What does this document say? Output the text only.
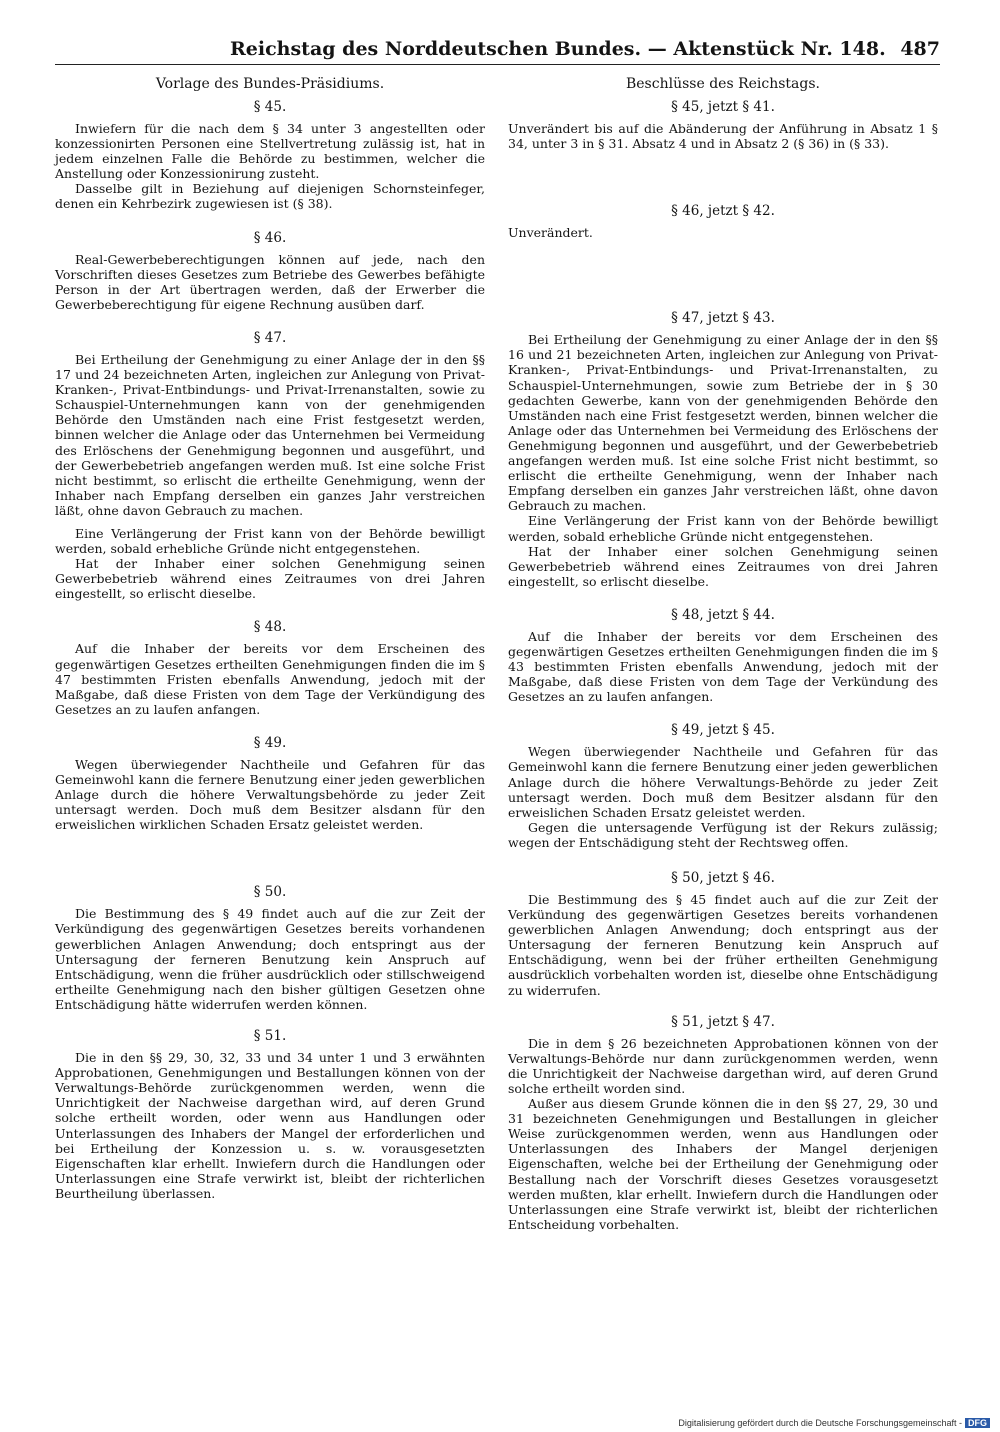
Reichstag des Norddeutschen Bundes. — Aktenstück Nr. 148. 487
Vorlage des Bundes-Präsidiums.
§ 45.

Inwiefern für die nach dem § 34 unter 3 angestellten oder konzessionirten Personen eine Stellvertretung zulässig ist, hat in jedem einzelnen Falle die Behörde zu bestimmen, welcher die Anstellung oder Konzessionirung zusteht.

Dasselbe gilt in Beziehung auf diejenigen Schornsteinfeger, denen ein Kehrbezirk zugewiesen ist (§ 38).

§ 46.

Real-Gewerbeberechtigungen können auf jede, nach den Vorschriften dieses Gesetzes zum Betriebe des Gewerbes befähigte Person in der Art übertragen werden, daß der Erwerber die Gewerbeberechtigung für eigene Rechnung ausüben darf.

§ 47.

Bei Ertheilung der Genehmigung zu einer Anlage der in den §§ 17 und 24 bezeichneten Arten, ingleichen zur Anlegung von Privat-Kranken-, Privat-Entbindungs- und Privat-Irrenanstalten, sowie zu Schauspiel-Unternehmungen kann von der genehmigenden Behörde den Umständen nach eine Frist festgesetzt werden, binnen welcher die Anlage oder das Unternehmen bei Vermeidung des Erlöschens der Genehmigung begonnen und ausgeführt, und der Gewerbebetrieb angefangen werden muß. Ist eine solche Frist nicht bestimmt, so erlischt die ertheilte Genehmigung, wenn der Inhaber nach Empfang derselben ein ganzes Jahr verstreichen läßt, ohne davon Gebrauch zu machen.

Eine Verlängerung der Frist kann von der Behörde bewilligt werden, sobald erhebliche Gründe nicht entgegenstehen.

Hat der Inhaber einer solchen Genehmigung seinen Gewerbebetrieb während eines Zeitraumes von drei Jahren eingestellt, so erlischt dieselbe.

§ 48.

Auf die Inhaber der bereits vor dem Erscheinen des gegenwärtigen Gesetzes ertheilten Genehmigungen finden die im § 47 bestimmten Fristen ebenfalls Anwendung, jedoch mit der Maßgabe, daß diese Fristen von dem Tage der Verkündigung des Gesetzes an zu laufen anfangen.

§ 49.

Wegen überwiegender Nachtheile und Gefahren für das Gemeinwohl kann die fernere Benutzung einer jeden gewerblichen Anlage durch die höhere Verwaltungsbehörde zu jeder Zeit untersagt werden. Doch muß dem Besitzer alsdann für den erweislichen wirklichen Schaden Ersatz geleistet werden.

§ 50.

Die Bestimmung des § 49 findet auch auf die zur Zeit der Verkündigung des gegenwärtigen Gesetzes bereits vorhandenen gewerblichen Anlagen Anwendung; doch entspringt aus der Untersagung der ferneren Benutzung kein Anspruch auf Entschädigung, wenn die früher ausdrücklich oder stillschweigend ertheilte Genehmigung nach den bisher gültigen Gesetzen ohne Entschädigung hätte widerrufen werden können.

§ 51.

Die in den §§ 29, 30, 32, 33 und 34 unter 1 und 3 erwähnten Approbationen, Genehmigungen und Bestallungen können von der Verwaltungs-Behörde zurückgenommen werden, wenn die Unrichtigkeit der Nachweise dargethan wird, auf deren Grund solche ertheilt worden, oder wenn aus Handlungen oder Unterlassungen des Inhabers der Mangel der erforderlichen und bei Ertheilung der Konzession u. s. w. vorausgesetzten Eigenschaften klar erhellt. Inwiefern durch die Handlungen oder Unterlassungen eine Strafe verwirkt ist, bleibt der richterlichen Beurtheilung überlassen.

Beschlüsse des Reichstags.
§ 45, jetzt § 41.

Unverändert bis auf die Abänderung der Anführung in Absatz 1 § 34, unter 3 in § 31. Absatz 4 und in Absatz 2 (§ 36) in (§ 33).

§ 46, jetzt § 42.

Unverändert.

§ 47, jetzt § 43.

Bei Ertheilung der Genehmigung zu einer Anlage der in den §§ 16 und 21 bezeichneten Arten, ingleichen zur Anlegung von Privat-Kranken-, Privat-Entbindungs- und Privat-Irrenanstalten, zu Schauspiel-Unternehmungen, sowie zum Betriebe der in § 30 gedachten Gewerbe, kann von der genehmigenden Behörde den Umständen nach eine Frist festgesetzt werden, binnen welcher die Anlage oder das Unternehmen bei Vermeidung des Erlöschens der Genehmigung begonnen und ausgeführt, und der Gewerbebetrieb angefangen werden muß. Ist eine solche Frist nicht bestimmt, so erlischt die ertheilte Genehmigung, wenn der Inhaber nach Empfang derselben ein ganzes Jahr verstreichen läßt, ohne davon Gebrauch zu machen.

Eine Verlängerung der Frist kann von der Behörde bewilligt werden, sobald erhebliche Gründe nicht entgegenstehen.

Hat der Inhaber einer solchen Genehmigung seinen Gewerbebetrieb während eines Zeitraumes von drei Jahren eingestellt, so erlischt dieselbe.

§ 48, jetzt § 44.

Auf die Inhaber der bereits vor dem Erscheinen des gegenwärtigen Gesetzes ertheilten Genehmigungen finden die im § 43 bestimmten Fristen ebenfalls Anwendung, jedoch mit der Maßgabe, daß diese Fristen von dem Tage der Verkündung des Gesetzes an zu laufen anfangen.

§ 49, jetzt § 45.

Wegen überwiegender Nachtheile und Gefahren für das Gemeinwohl kann die fernere Benutzung einer jeden gewerblichen Anlage durch die höhere Verwaltungs-Behörde zu jeder Zeit untersagt werden. Doch muß dem Besitzer alsdann für den erweislichen Schaden Ersatz geleistet werden.

Gegen die untersagende Verfügung ist der Rekurs zulässig; wegen der Entschädigung steht der Rechtsweg offen.

§ 50, jetzt § 46.

Die Bestimmung des § 45 findet auch auf die zur Zeit der Verkündung des gegenwärtigen Gesetzes bereits vorhandenen gewerblichen Anlagen Anwendung; doch entspringt aus der Untersagung der ferneren Benutzung kein Anspruch auf Entschädigung, wenn bei der früher ertheilten Genehmigung ausdrücklich vorbehalten worden ist, dieselbe ohne Entschädigung zu widerrufen.

§ 51, jetzt § 47.

Die in dem § 26 bezeichneten Approbationen können von der Verwaltungs-Behörde nur dann zurückgenommen werden, wenn die Unrichtigkeit der Nachweise dargethan wird, auf deren Grund solche ertheilt worden sind.

Außer aus diesem Grunde können die in den §§ 27, 29, 30 und 31 bezeichneten Genehmigungen und Bestallungen in gleicher Weise zurückgenommen werden, wenn aus Handlungen oder Unterlassungen des Inhabers der Mangel derjenigen Eigenschaften, welche bei der Ertheilung der Genehmigung oder Bestallung nach der Vorschrift dieses Gesetzes vorausgesetzt werden mußten, klar erhellt. Inwiefern durch die Handlungen oder Unterlassungen eine Strafe verwirkt ist, bleibt der richterlichen Entscheidung vorbehalten.

Digitalisierung gefördert durch die Deutsche Forschungsgemeinschaft - DFG
